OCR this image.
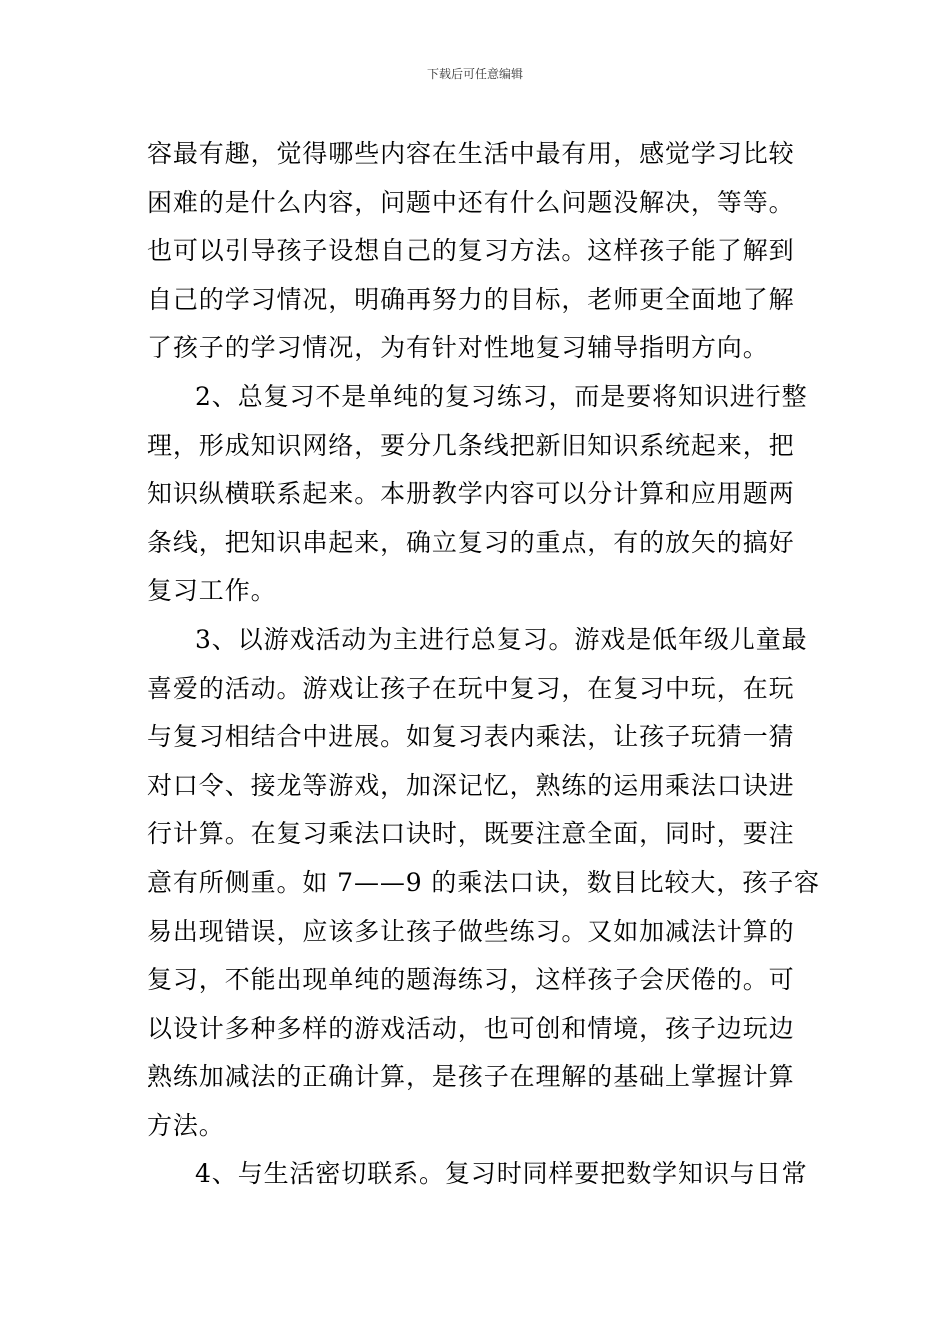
下载后可任意编辑

容最有趣，觉得哪些内容在生活中最有用，感觉学习比较
困难的是什么内容，问题中还有什么问题没解决，等等。
也可以引导孩子设想自己的复习方法。这样孩子能了解到
自己的学习情况，明确再努力的目标，老师更全面地了解
了孩子的学习情况，为有针对性地复习辅导指明方向。

2、总复习不是单纯的复习练习，而是要将知识进行整
理，形成知识网络，要分几条线把新旧知识系统起来，把
知识纵横联系起来。本册教学内容可以分计算和应用题两
条线，把知识串起来，确立复习的重点，有的放矢的搞好
复习工作。

3、以游戏活动为主进行总复习。游戏是低年级儿童最
喜爱的活动。游戏让孩子在玩中复习，在复习中玩，在玩
与复习相结合中进展。如复习表内乘法，让孩子玩猜一猜
对口令、接龙等游戏，加深记忆，熟练的运用乘法口诀进
行计算。在复习乘法口诀时，既要注意全面，同时，要注
意有所侧重。如 7——9 的乘法口诀，数目比较大，孩子容
易出现错误，应该多让孩子做些练习。又如加减法计算的
复习，不能出现单纯的题海练习，这样孩子会厌倦的。可
以设计多种多样的游戏活动，也可创和情境，孩子边玩边
熟练加减法的正确计算，是孩子在理解的基础上掌握计算
方法。

4、与生活密切联系。复习时同样要把数学知识与日常
